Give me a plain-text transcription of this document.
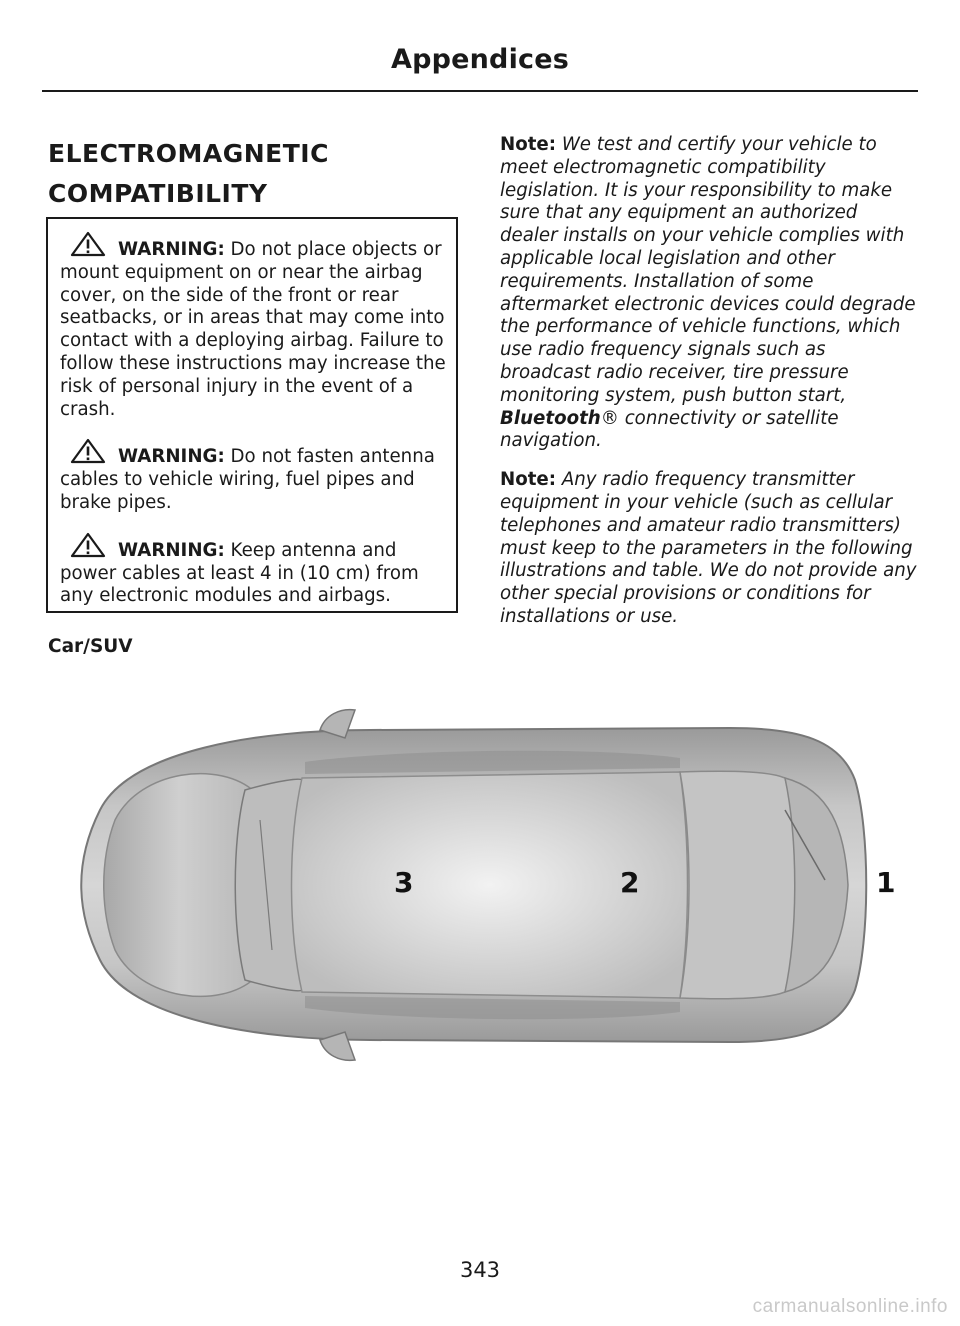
Appendices
ELECTROMAGNETIC COMPATIBILITY

WARNING: Do not place objects or mount equipment on or near the airbag cover, on the side of the front or rear seatbacks, or in areas that may come into contact with a deploying airbag. Failure to follow these instructions may increase the risk of personal injury in the event of a crash.

WARNING: Do not fasten antenna cables to vehicle wiring, fuel pipes and brake pipes.

WARNING: Keep antenna and power cables at least 4 in (10 cm) from any electronic modules and airbags.

Note: We test and certify your vehicle to meet electromagnetic compatibility legislation. It is your responsibility to make sure that any equipment an authorized dealer installs on your vehicle complies with applicable local legislation and other requirements. Installation of some aftermarket electronic devices could degrade the performance of vehicle functions, which use radio frequency signals such as broadcast radio receiver, tire pressure monitoring system, push button start, Bluetooth® connectivity or satellite navigation.

Note: Any radio frequency transmitter equipment in your vehicle (such as cellular telephones and amateur radio transmitters) must keep to the parameters in the following illustrations and table. We do not provide any other special provisions or conditions for installations or use.

Car/SUV
1
2
3
343
carmanualsonline.info
